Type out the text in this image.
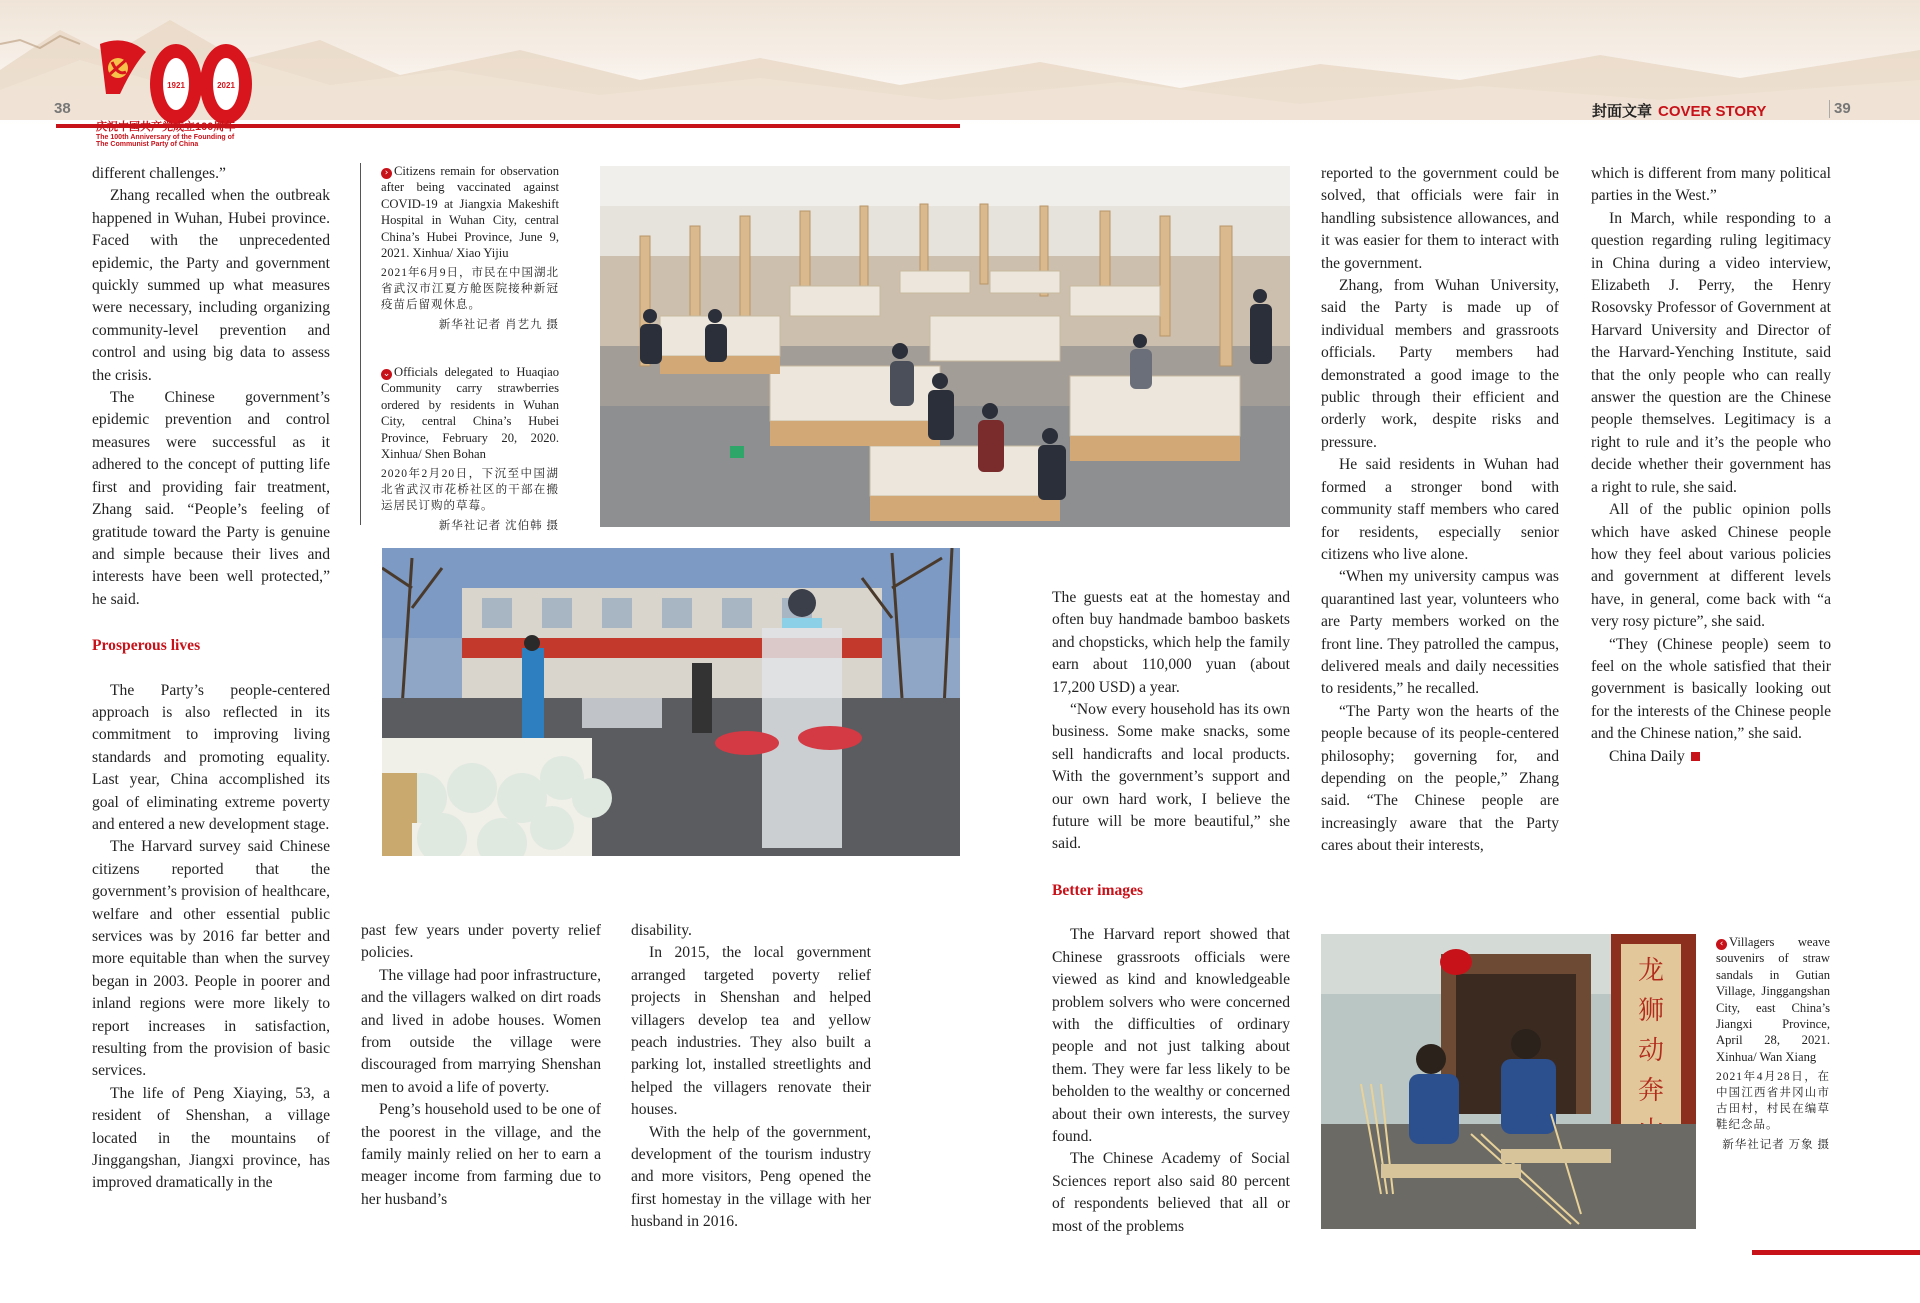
38	封面文章 COVER STORY	39
1921	2021
庆祝中国共产党成立100周年
The 100th Anniversary of the Founding of
The Communist Party of China

different challenges.”

Zhang recalled when the outbreak happened in Wuhan, Hubei province. Faced with the unprecedented epidemic, the Party and government quickly summed up what measures were necessary, including organizing community-level prevention and control and using big data to assess the crisis.

The Chinese government’s epidemic prevention and control measures were successful as it adhered to the concept of putting life first and providing fair treatment, Zhang said. “People’s feeling of gratitude toward the Party is genuine and simple because their lives and interests have been well protected,” he said.

Prosperous lives

The Party’s people-centered approach is also reflected in its commitment to improving living standards and promoting equality. Last year, China accomplished its goal of eliminating extreme poverty and entered a new development stage.

The Harvard survey said Chinese citizens reported that the government’s provision of healthcare, welfare and other essential public services was by 2016 far better and more equitable than when the survey began in 2003. People in poorer and inland regions were more likely to report increases in satisfaction, resulting from the provision of basic services.

The life of Peng Xiaying, 53, a resident of Shenshan, a village located in the mountains of Jinggangshan, Jiangxi province, has improved dramatically in the

› Citizens remain for observation after being vaccinated against COVID-19 at Jiangxia Makeshift Hospital in Wuhan City, central China’s Hubei Province, June 9, 2021. Xinhua/ Xiao Yijiu
2021年6月9日，市民在中国湖北省武汉市江夏方舱医院接种新冠疫苗后留观休息。
新华社记者 肖艺九 摄
⌄ Officials delegated to Huaqiao Community carry strawberries ordered by residents in Wuhan City, central China’s Hubei Province, February 20, 2020. Xinhua/ Shen Bohan
2020年2月20日，下沉至中国湖北省武汉市花桥社区的干部在搬运居民订购的草莓。
新华社记者 沈伯韩 摄

past few years under poverty relief policies.

The village had poor infrastructure, and the villagers walked on dirt roads and lived in adobe houses. Women from outside the village were discouraged from marrying Shenshan men to avoid a life of poverty.

Peng’s household used to be one of the poorest in the village, and the family mainly relied on her to earn a meager income from farming due to her husband’s

disability.

In 2015, the local government arranged targeted poverty relief projects in Shenshan and helped villagers develop tea and yellow peach industries. They also built a parking lot, installed streetlights and helped the villagers renovate their houses.

With the help of the government, development of the tourism industry and more visitors, Peng opened the first homestay in the village with her husband in 2016.

The guests eat at the homestay and often buy handmade bamboo baskets and chopsticks, which help the family earn about 110,000 yuan (about 17,200 USD) a year.

“Now every household has its own business. Some make snacks, some sell handicrafts and local products. With the government’s support and our own hard work, I believe the future will be more beautiful,” she said.

Better images

The Harvard report showed that Chinese grassroots officials were viewed as kind and knowledgeable problem solvers who were concerned with the difficulties of ordinary people and not just talking about them. They were far less likely to be beholden to the wealthy or concerned about their own interests, the survey found.

The Chinese Academy of Social Sciences report also said 80 percent of respondents believed that all or most of the problems

reported to the government could be solved, that officials were fair in handling subsistence allowances, and it was easier for them to interact with the government.

Zhang, from Wuhan University, said the Party is made up of individual members and grassroots officials. Party members had demonstrated a good image to the public through their efficient and orderly work, despite risks and pressure.

He said residents in Wuhan had formed a stronger bond with community staff members who cared for residents, especially senior citizens who live alone.

“When my university campus was quarantined last year, volunteers who are Party members worked on the front line. They patrolled the campus, delivered meals and daily necessities to residents,” he recalled.

“The Party won the hearts of the people because of its people-centered philosophy; governing for, and depending on the people,” Zhang said. “The Chinese people are increasingly aware that the Party cares about their interests,

which is different from many political parties in the West.”

In March, while responding to a question regarding ruling legitimacy in China during a video interview, Elizabeth J. Perry, the Henry Rosovsky Professor of Government at Harvard University and Director of the Harvard-Yenching Institute, said that the only people who can really answer the question are the Chinese people themselves. Legitimacy is a right to rule and it’s the people who decide whether their government has a right to rule, she said.

All of the public opinion polls which have asked Chinese people how they feel about various policies and government at different levels have, in general, come back with “a very rosy picture”, she said.

“They (Chinese people) seem to feel on the whole satisfied that their government is basically looking out for the interests of the Chinese people and the Chinese nation,” she said.

China Daily

龙
狮
动
奔
‹ Villagers weave souvenirs of straw sandals in Gutian Village, Jinggangshan City, east China’s Jiangxi Province, April 28, 2021. Xinhua/ Wan Xiang
2021年4月28日，在中国江西省井冈山市古田村，村民在编草鞋纪念品。
新华社记者 万象 摄
